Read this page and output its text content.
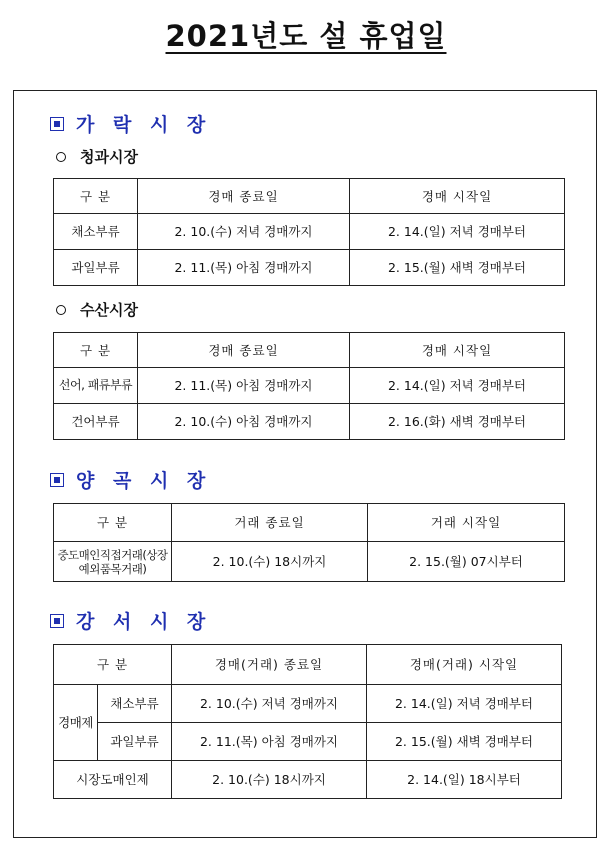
2021년도 설 휴업일
가 락 시 장
청과시장
구 분	경매 종료일	경매 시작일
채소부류	2. 10.(수) 저녁 경매까지	2. 14.(일) 저녁 경매부터
과일부류	2. 11.(목) 아침 경매까지	2. 15.(월) 새벽 경매부터
수산시장
구 분	경매 종료일	경매 시작일
선어, 패류부류	2. 11.(목) 아침 경매까지	2. 14.(일) 저녁 경매부터
건어부류	2. 10.(수) 아침 경매까지	2. 16.(화) 새벽 경매부터
양 곡 시 장
구 분	거래 종료일	거래 시작일
중도매인직접거래(상장예외품목거래)	2. 10.(수) 18시까지	2. 15.(월) 07시부터
강 서 시 장
구 분		경매(거래) 종료일	경매(거래) 시작일
경매제	채소부류	2. 10.(수) 저녁 경매까지	2. 14.(일) 저녁 경매부터
	과일부류	2. 11.(목) 아침 경매까지	2. 15.(월) 새벽 경매부터
시장도매인제		2. 10.(수) 18시까지	2. 14.(일) 18시부터
